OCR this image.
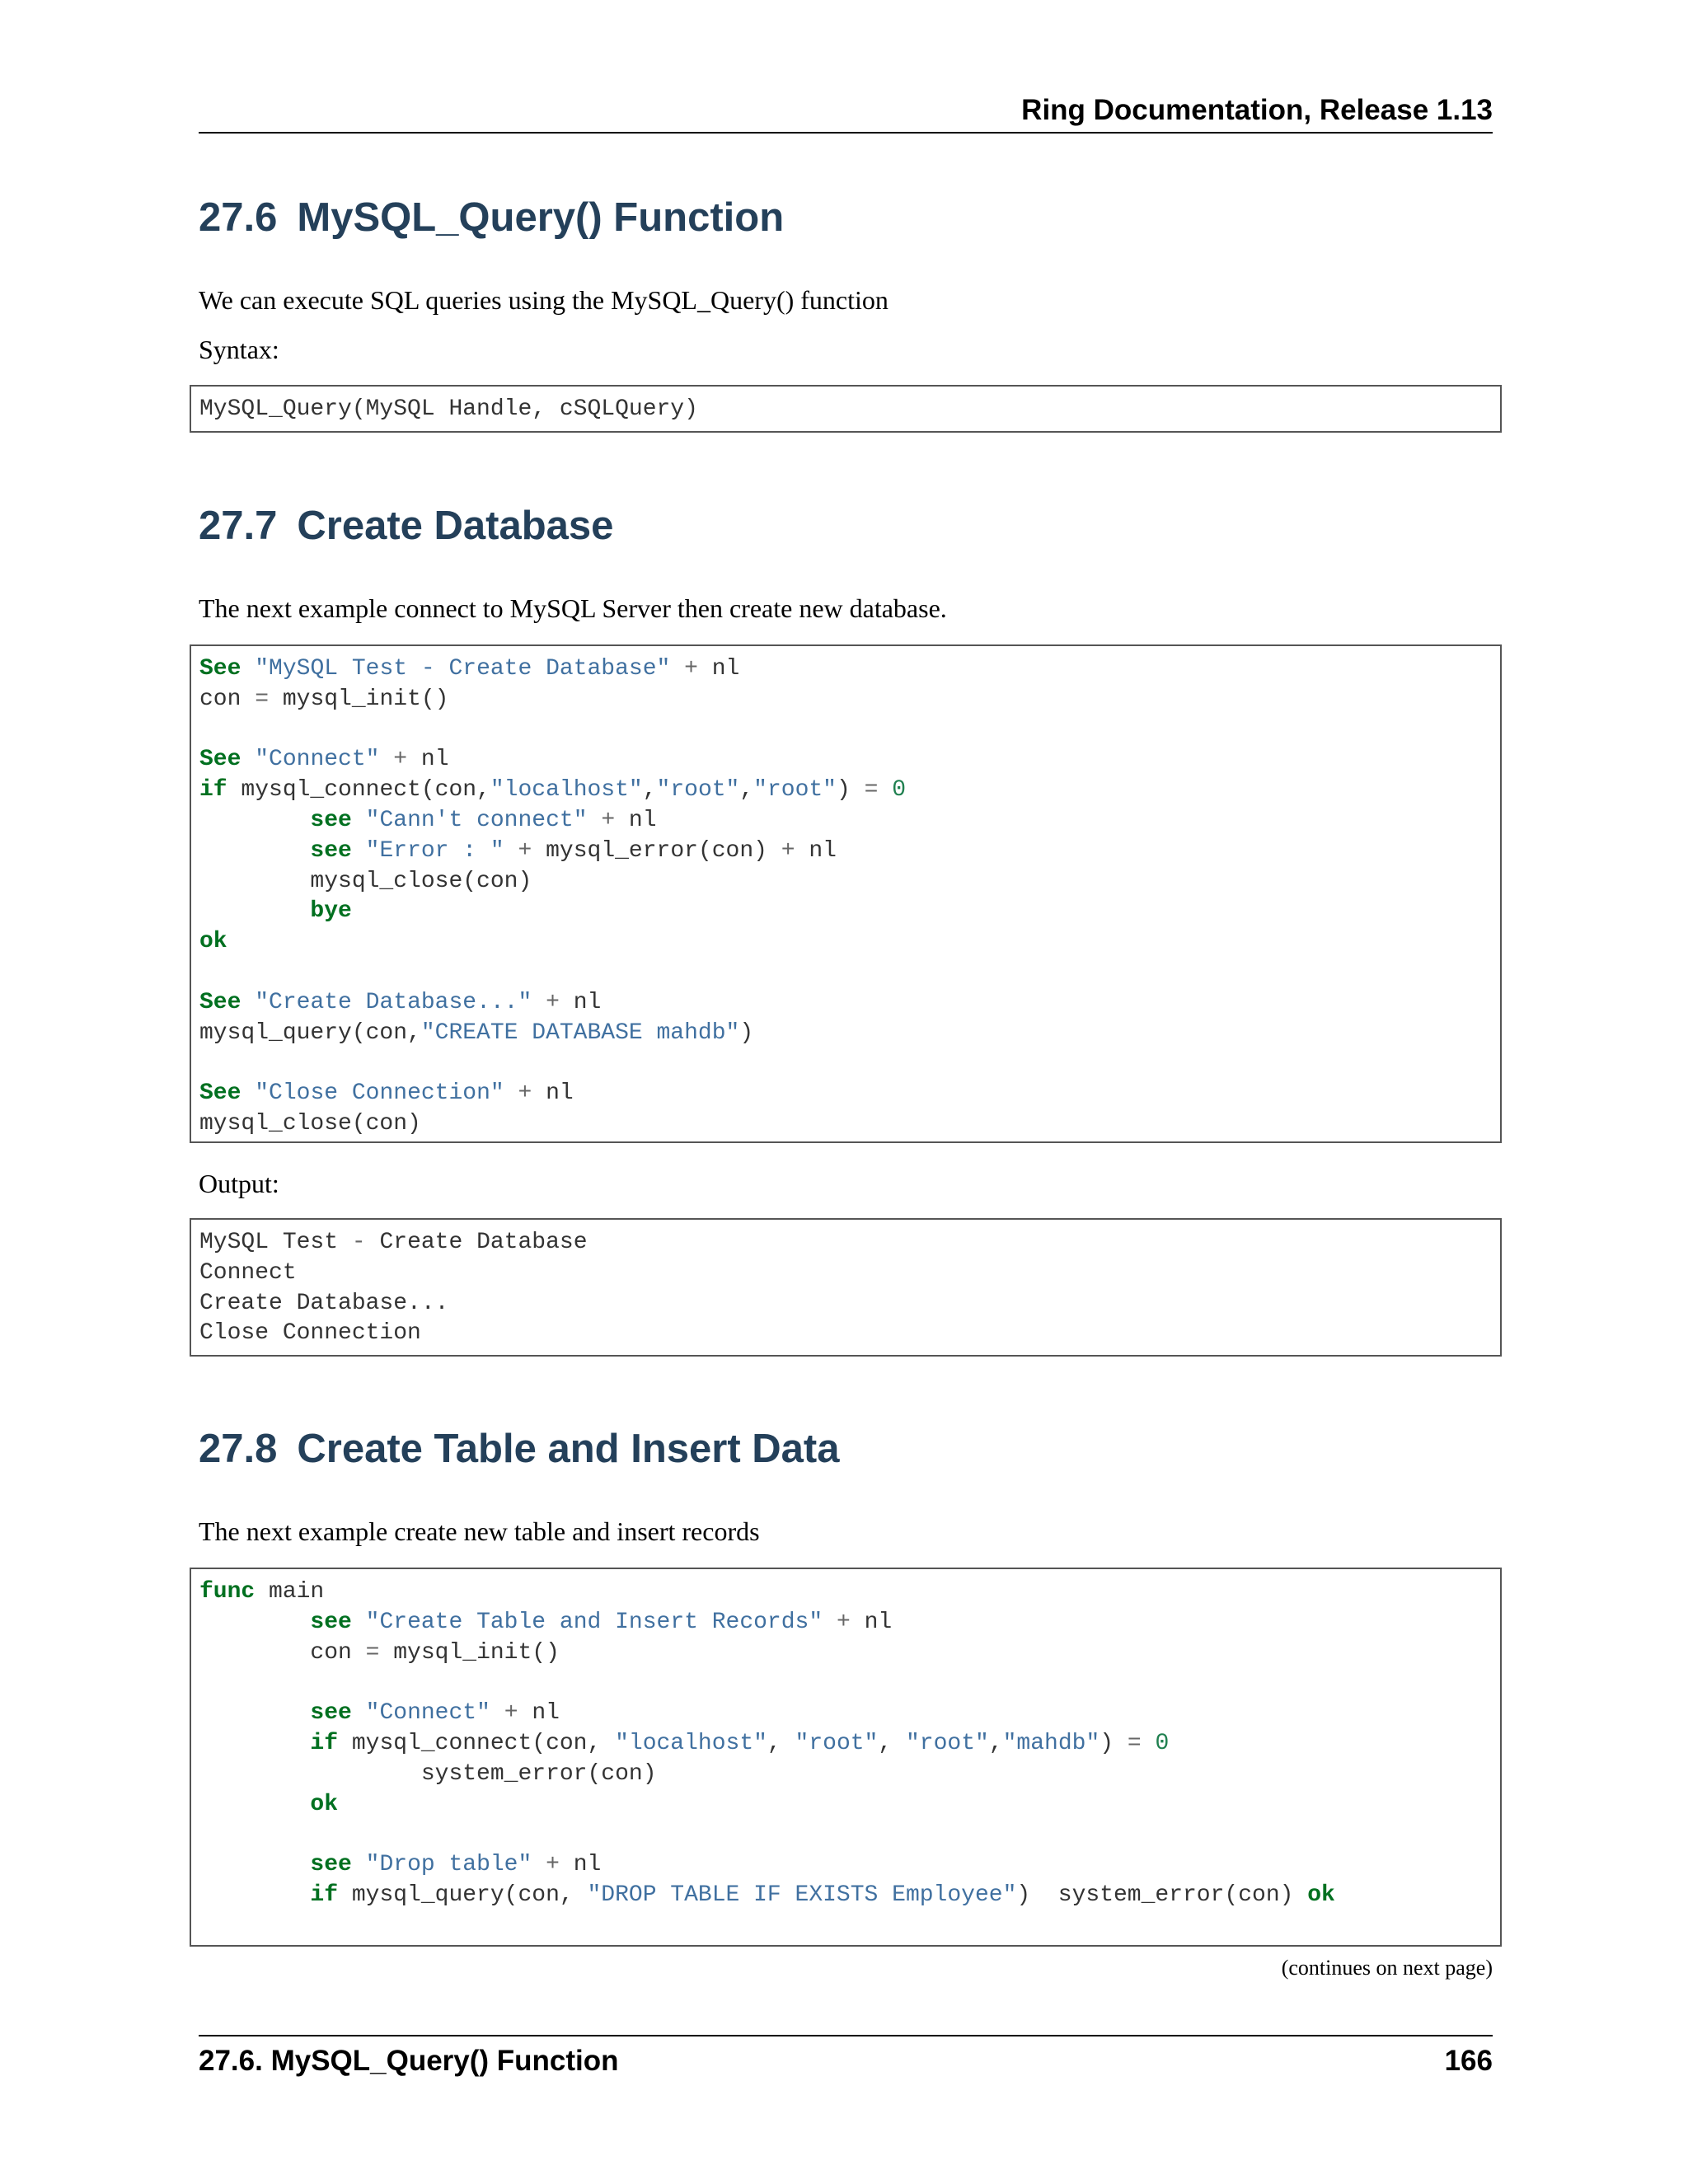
Ring Documentation, Release 1.13
27.6 MySQL_Query() Function

We can execute SQL queries using the MySQL_Query() function

Syntax:

MySQL_Query(MySQL Handle, cSQLQuery)
27.7 Create Database

The next example connect to MySQL Server then create new database.

See "MySQL Test - Create Database" + nl
con = mysql_init()

See "Connect" + nl
if mysql_connect(con,"localhost","root","root") = 0
see "Cann't connect" + nl
see "Error : " + mysql_error(con) + nl
mysql_close(con)
bye
ok

See "Create Database..." + nl
mysql_query(con,"CREATE DATABASE mahdb")

See "Close Connection" + nl
mysql_close(con)

Output:

MySQL Test - Create Database
Connect
Create Database...
Close Connection
27.8 Create Table and Insert Data

The next example create new table and insert records

func main
see "Create Table and Insert Records" + nl
con = mysql_init()

see "Connect" + nl
if mysql_connect(con, "localhost", "root", "root","mahdb") = 0
system_error(con)
ok

see "Drop table" + nl
if mysql_query(con, "DROP TABLE IF EXISTS Employee")  system_error(con) ok
(continues on next page)
27.6. MySQL_Query() Function	166
